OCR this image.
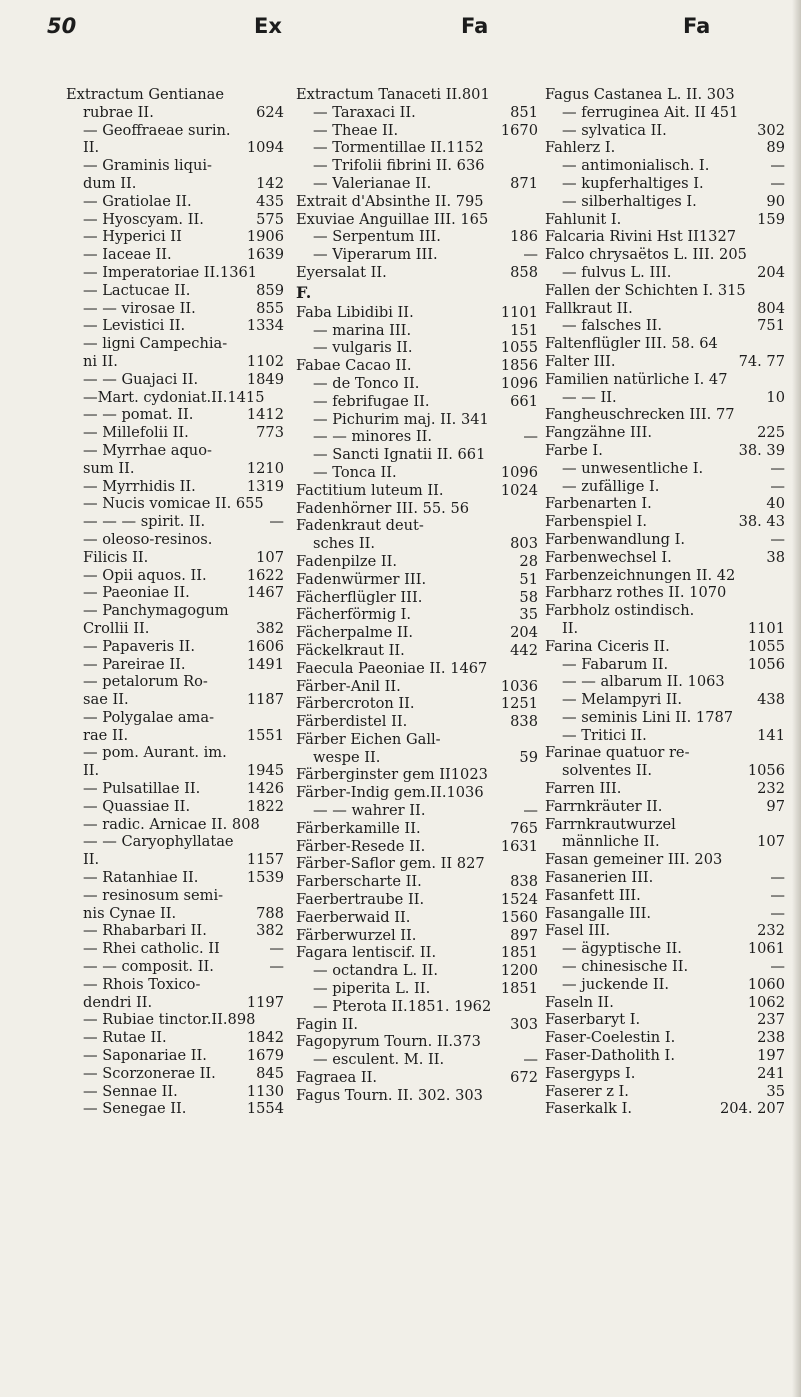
50	Ex	Fa	Fa
Extractum Gentianae
rubrae II.	624
— Geoffraeae surin.
II.	1094
— Graminis liqui-
dum II.	142
— Gratiolae II.	435
— Hyoscyam. II.	575
— Hyperici II	1906
— Iaceae II.	1639
— Imperatoriae II.1361
— Lactucae II.	859
— — virosae II.	855
— Levistici II.	1334
— ligni Campechia-
ni II.	1102
— — Guajaci II.	1849
—Mart. cydoniat.II.1415
— — pomat. II.	1412
— Millefolii II.	773
— Myrrhae aquo-
sum II.	1210
— Myrrhidis II.	1319
— Nucis vomicae II. 655
— — — spirit. II.	—
— oleoso-resinos.
Filicis II.	107
— Opii aquos. II.	1622
— Paeoniae II.	1467
— Panchymagogum
Crollii II.	382
— Papaveris II.	1606
— Pareirae II.	1491
— petalorum Ro-
sae II.	1187
— Polygalae ama-
rae II.	1551
— pom. Aurant. im.
II.	1945
— Pulsatillae II.	1426
— Quassiae II.	1822
— radic. Arnicae II. 808
— — Caryophyllatae
II.	1157
— Ratanhiae II.	1539
— resinosum semi-
nis Cynae II.	788
— Rhabarbari II.	382
— Rhei catholic. II	—
— — composit. II.	—
— Rhois Toxico-
dendri II.	1197
— Rubiae tinctor.II.898
— Rutae II.	1842
— Saponariae II.	1679
— Scorzonerae II.	845
— Sennae II.	1130
— Senegae II.	1554
Extractum Tanaceti II.801
— Taraxaci II.	851
— Theae II.	1670
— Tormentillae II.1152
— Trifolii fibrini II. 636
— Valerianae II.	871
Extrait d'Absinthe II. 795
Exuviae Anguillae III. 165
— Serpentum III.	186
— Viperarum III.	—
Eyersalat II.	858
F.
Faba Libidibi II.	1101
— marina III.	151
— vulgaris II.	1055
Fabae Cacao II.	1856
— de Tonco II.	1096
— febrifugae II.	661
— Pichurim maj. II. 341
— — minores II.	—
— Sancti Ignatii II. 661
— Tonca II.	1096
Factitium luteum II.	1024
Fadenhörner III. 55. 56
Fadenkraut deut-
sches II.	803
Fadenpilze II.	28
Fadenwürmer III.	51
Fächerflügler III.	58
Fächerförmig I.	35
Fächerpalme II.	204
Fäckelkraut II.	442
Faecula Paeoniae II. 1467
Färber-Anil II.	1036
Färbercroton II.	1251
Färberdistel II.	838
Färber Eichen Gall-
wespe II.	59
Färberginster gem II1023
Färber-Indig gem.II.1036
— — wahrer II.	—
Färberkamille II.	765
Färber-Resede II.	1631
Färber-Saflor gem. II 827
Farberscharte II.	838
Faerbertraube II.	1524
Faerberwaid II.	1560
Färberwurzel II.	897
Fagara lentiscif. II.	1851
— octandra L. II.	1200
— piperita L. II.	1851
— Pterota II.1851. 1962
Fagin II.	303
Fagopyrum Tourn. II.373
— esculent. M. II.	—
Fagraea II.	672
Fagus Tourn. II. 302. 303
Fagus Castanea L. II. 303
— ferruginea Ait. II 451
— sylvatica II.	302
Fahlerz I.	89
— antimonialisch. I.	—
— kupferhaltiges I.	—
— silberhaltiges I.	90
Fahlunit I.	159
Falcaria Rivini Hst II1327
Falco chrysaëtos L. III. 205
— fulvus L. III.	204
Fallen der Schichten I. 315
Fallkraut II.	804
— falsches II.	751
Faltenflügler III. 58. 64
Falter III.	74. 77
Familien natürliche I. 47
— — II.	10
Fangheuschrecken III. 77
Fangzähne III.	225
Farbe I.	38. 39
— unwesentliche I.	—
— zufällige I.	—
Farbenarten I.	40
Farbenspiel I.	38. 43
Farbenwandlung I.	—
Farbenwechsel I.	38
Farbenzeichnungen II. 42
Farbharz rothes II. 1070
Farbholz ostindisch.
II.	1101
Farina Ciceris II.	1055
— Fabarum II.	1056
— — albarum II. 1063
— Melampyri II.	438
— seminis Lini II. 1787
— Tritici II.	141
Farinae quatuor re-
solventes II.	1056
Farren III.	232
Farrnkräuter II.	97
Farrnkrautwurzel
männliche II.	107
Fasan gemeiner III. 203
Fasanerien III.	—
Fasanfett III.	—
Fasangalle III.	—
Fasel III.	232
— ägyptische II.	1061
— chinesische II.	—
— juckende II.	1060
Faseln II.	1062
Faserbaryt I.	237
Faser-Coelestin I.	238
Faser-Datholith I.	197
Fasergyps I.	241
Faserer z I.	35
Faserkalk I.	204. 207
